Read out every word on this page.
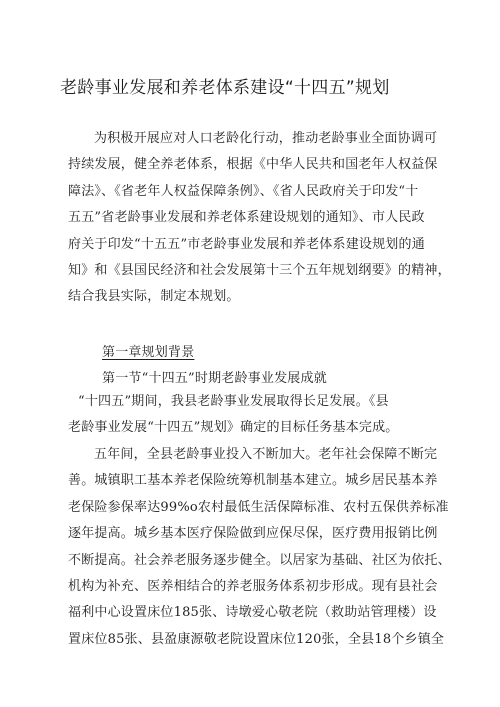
老龄事业发展和养老体系建设“十四五”规划
为积极开展应对人口老龄化行动，推动老龄事业全面协调可
持续发展，健全养老体系，根据《中华人民共和国老年人权益保
障法》、《省老年人权益保障条例》、《省人民政府关于印发“十
五五”省老龄事业发展和养老体系建设规划的通知》、市人民政
府关于印发“十五五”市老龄事业发展和养老体系建设规划的通
知》和《县国民经济和社会发展第十三个五年规划纲要》的精神，
结合我县实际，制定本规划。
第一章规划背景
第一节“十四五”时期老龄事业发展成就
“十四五”期间，我县老龄事业发展取得长足发展。《县
老龄事业发展“十四五”规划》确定的目标任务基本完成。
五年间，全县老龄事业投入不断加大。老年社会保障不断完
善。城镇职工基本养老保险统筹机制基本建立。城乡居民基本养
老保险参保率达99%o农村最低生活保障标准、农村五保供养标准
逐年提高。城乡基本医疗保险做到应保尽保，医疗费用报销比例
不断提高。社会养老服务逐步健全。以居家为基础、社区为依托、
机构为补充、医养相结合的养老服务体系初步形成。现有县社会
福利中心设置床位185张、诗墩爱心敬老院（救助站管理楼）设
置床位85张、县盈康源敬老院设置床位120张，全县18个乡镇全
